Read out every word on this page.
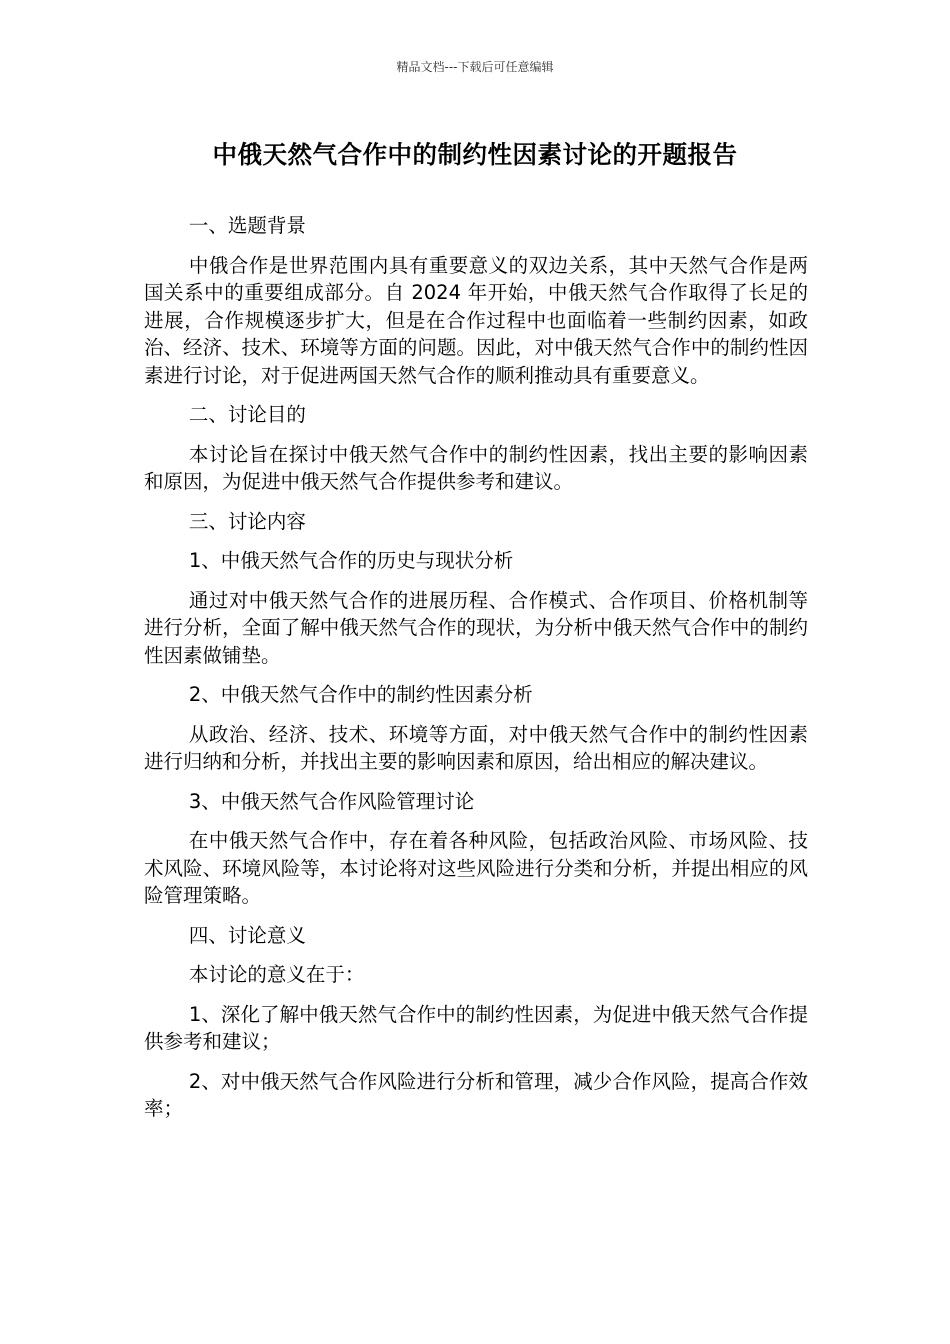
精品文档---下载后可任意编辑
中俄天然气合作中的制约性因素讨论的开题报告

一、选题背景

中俄合作是世界范围内具有重要意义的双边关系，其中天然气合作是两国关系中的重要组成部分。自 2024 年开始，中俄天然气合作取得了长足的进展，合作规模逐步扩大，但是在合作过程中也面临着一些制约因素，如政治、经济、技术、环境等方面的问题。因此，对中俄天然气合作中的制约性因素进行讨论，对于促进两国天然气合作的顺利推动具有重要意义。

二、讨论目的

本讨论旨在探讨中俄天然气合作中的制约性因素，找出主要的影响因素和原因，为促进中俄天然气合作提供参考和建议。

三、讨论内容

1、中俄天然气合作的历史与现状分析

通过对中俄天然气合作的进展历程、合作模式、合作项目、价格机制等进行分析，全面了解中俄天然气合作的现状，为分析中俄天然气合作中的制约性因素做铺垫。

2、中俄天然气合作中的制约性因素分析

从政治、经济、技术、环境等方面，对中俄天然气合作中的制约性因素进行归纳和分析，并找出主要的影响因素和原因，给出相应的解决建议。

3、中俄天然气合作风险管理讨论

在中俄天然气合作中，存在着各种风险，包括政治风险、市场风险、技术风险、环境风险等，本讨论将对这些风险进行分类和分析，并提出相应的风险管理策略。

四、讨论意义

本讨论的意义在于：

1、深化了解中俄天然气合作中的制约性因素，为促进中俄天然气合作提供参考和建议；

2、对中俄天然气合作风险进行分析和管理，减少合作风险，提高合作效率；
